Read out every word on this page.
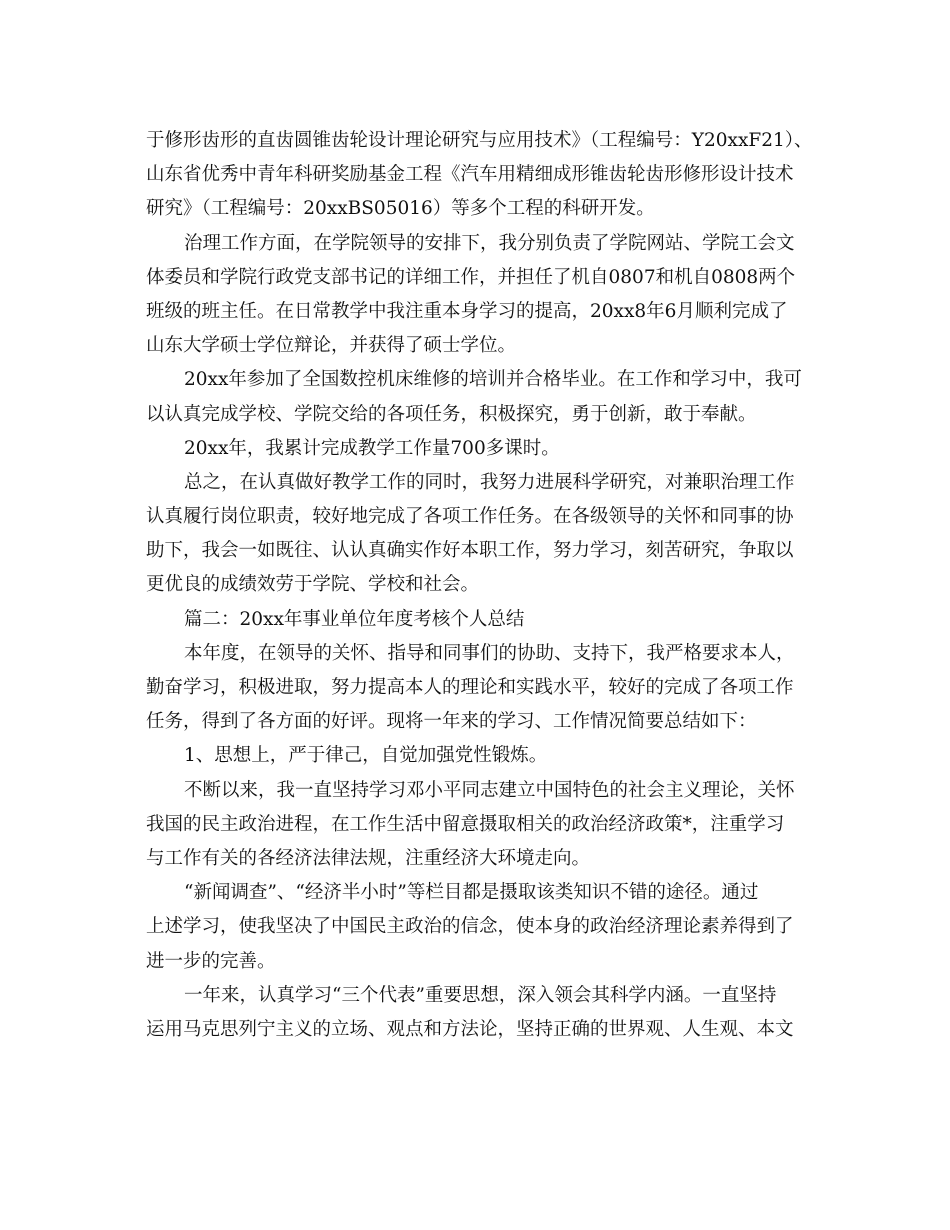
于修形齿形的直齿圆锥齿轮设计理论研究与应用技术》（工程编号：Y20xxF21）、
山东省优秀中青年科研奖励基金工程《汽车用精细成形锥齿轮齿形修形设计技术
研究》（工程编号：20xxBS05016）等多个工程的科研开发。
治理工作方面，在学院领导的安排下，我分别负责了学院网站、学院工会文
体委员和学院行政党支部书记的详细工作，并担任了机自0807和机自0808两个
班级的班主任。在日常教学中我注重本身学习的提高，20xx8年6月顺利完成了
山东大学硕士学位辩论，并获得了硕士学位。
20xx年参加了全国数控机床维修的培训并合格毕业。在工作和学习中，我可
以认真完成学校、学院交给的各项任务，积极探究，勇于创新，敢于奉献。
20xx年，我累计完成教学工作量700多课时。
总之，在认真做好教学工作的同时，我努力进展科学研究，对兼职治理工作
认真履行岗位职责，较好地完成了各项工作任务。在各级领导的关怀和同事的协
助下，我会一如既往、认认真确实作好本职工作，努力学习，刻苦研究，争取以
更优良的成绩效劳于学院、学校和社会。
篇二：20xx年事业单位年度考核个人总结
本年度，在领导的关怀、指导和同事们的协助、支持下，我严格要求本人，
勤奋学习，积极进取，努力提高本人的理论和实践水平，较好的完成了各项工作
任务，得到了各方面的好评。现将一年来的学习、工作情况简要总结如下：
1、思想上，严于律己，自觉加强党性锻炼。
不断以来，我一直坚持学习邓小平同志建立中国特色的社会主义理论，关怀
我国的民主政治进程，在工作生活中留意摄取相关的政治经济政策*，注重学习
与工作有关的各经济法律法规，注重经济大环境走向。
“新闻调查”、“经济半小时”等栏目都是摄取该类知识不错的途径。通过
上述学习，使我坚决了中国民主政治的信念，使本身的政治经济理论素养得到了
进一步的完善。
一年来，认真学习“三个代表”重要思想，深入领会其科学内涵。一直坚持
运用马克思列宁主义的立场、观点和方法论，坚持正确的世界观、人生观、本文
